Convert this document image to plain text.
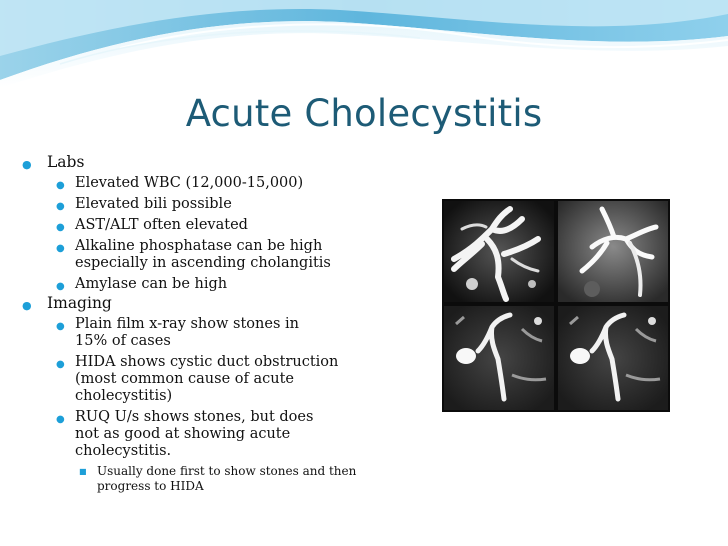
Acute Cholecystitis
● Labs
● Elevated WBC (12,000-15,000)
● Elevated bili possible
● AST/ALT often elevated
● Alkaline phosphatase can be high especially in ascending cholangitis
● Amylase can be high
● Imaging
● Plain film x-ray show stones in 15% of cases
● HIDA shows cystic duct obstruction (most common cause of acute cholecystitis)
● RUQ U/s shows stones, but does not as good at showing acute cholecystitis.
■ Usually done first to show stones and then progress to HIDA
